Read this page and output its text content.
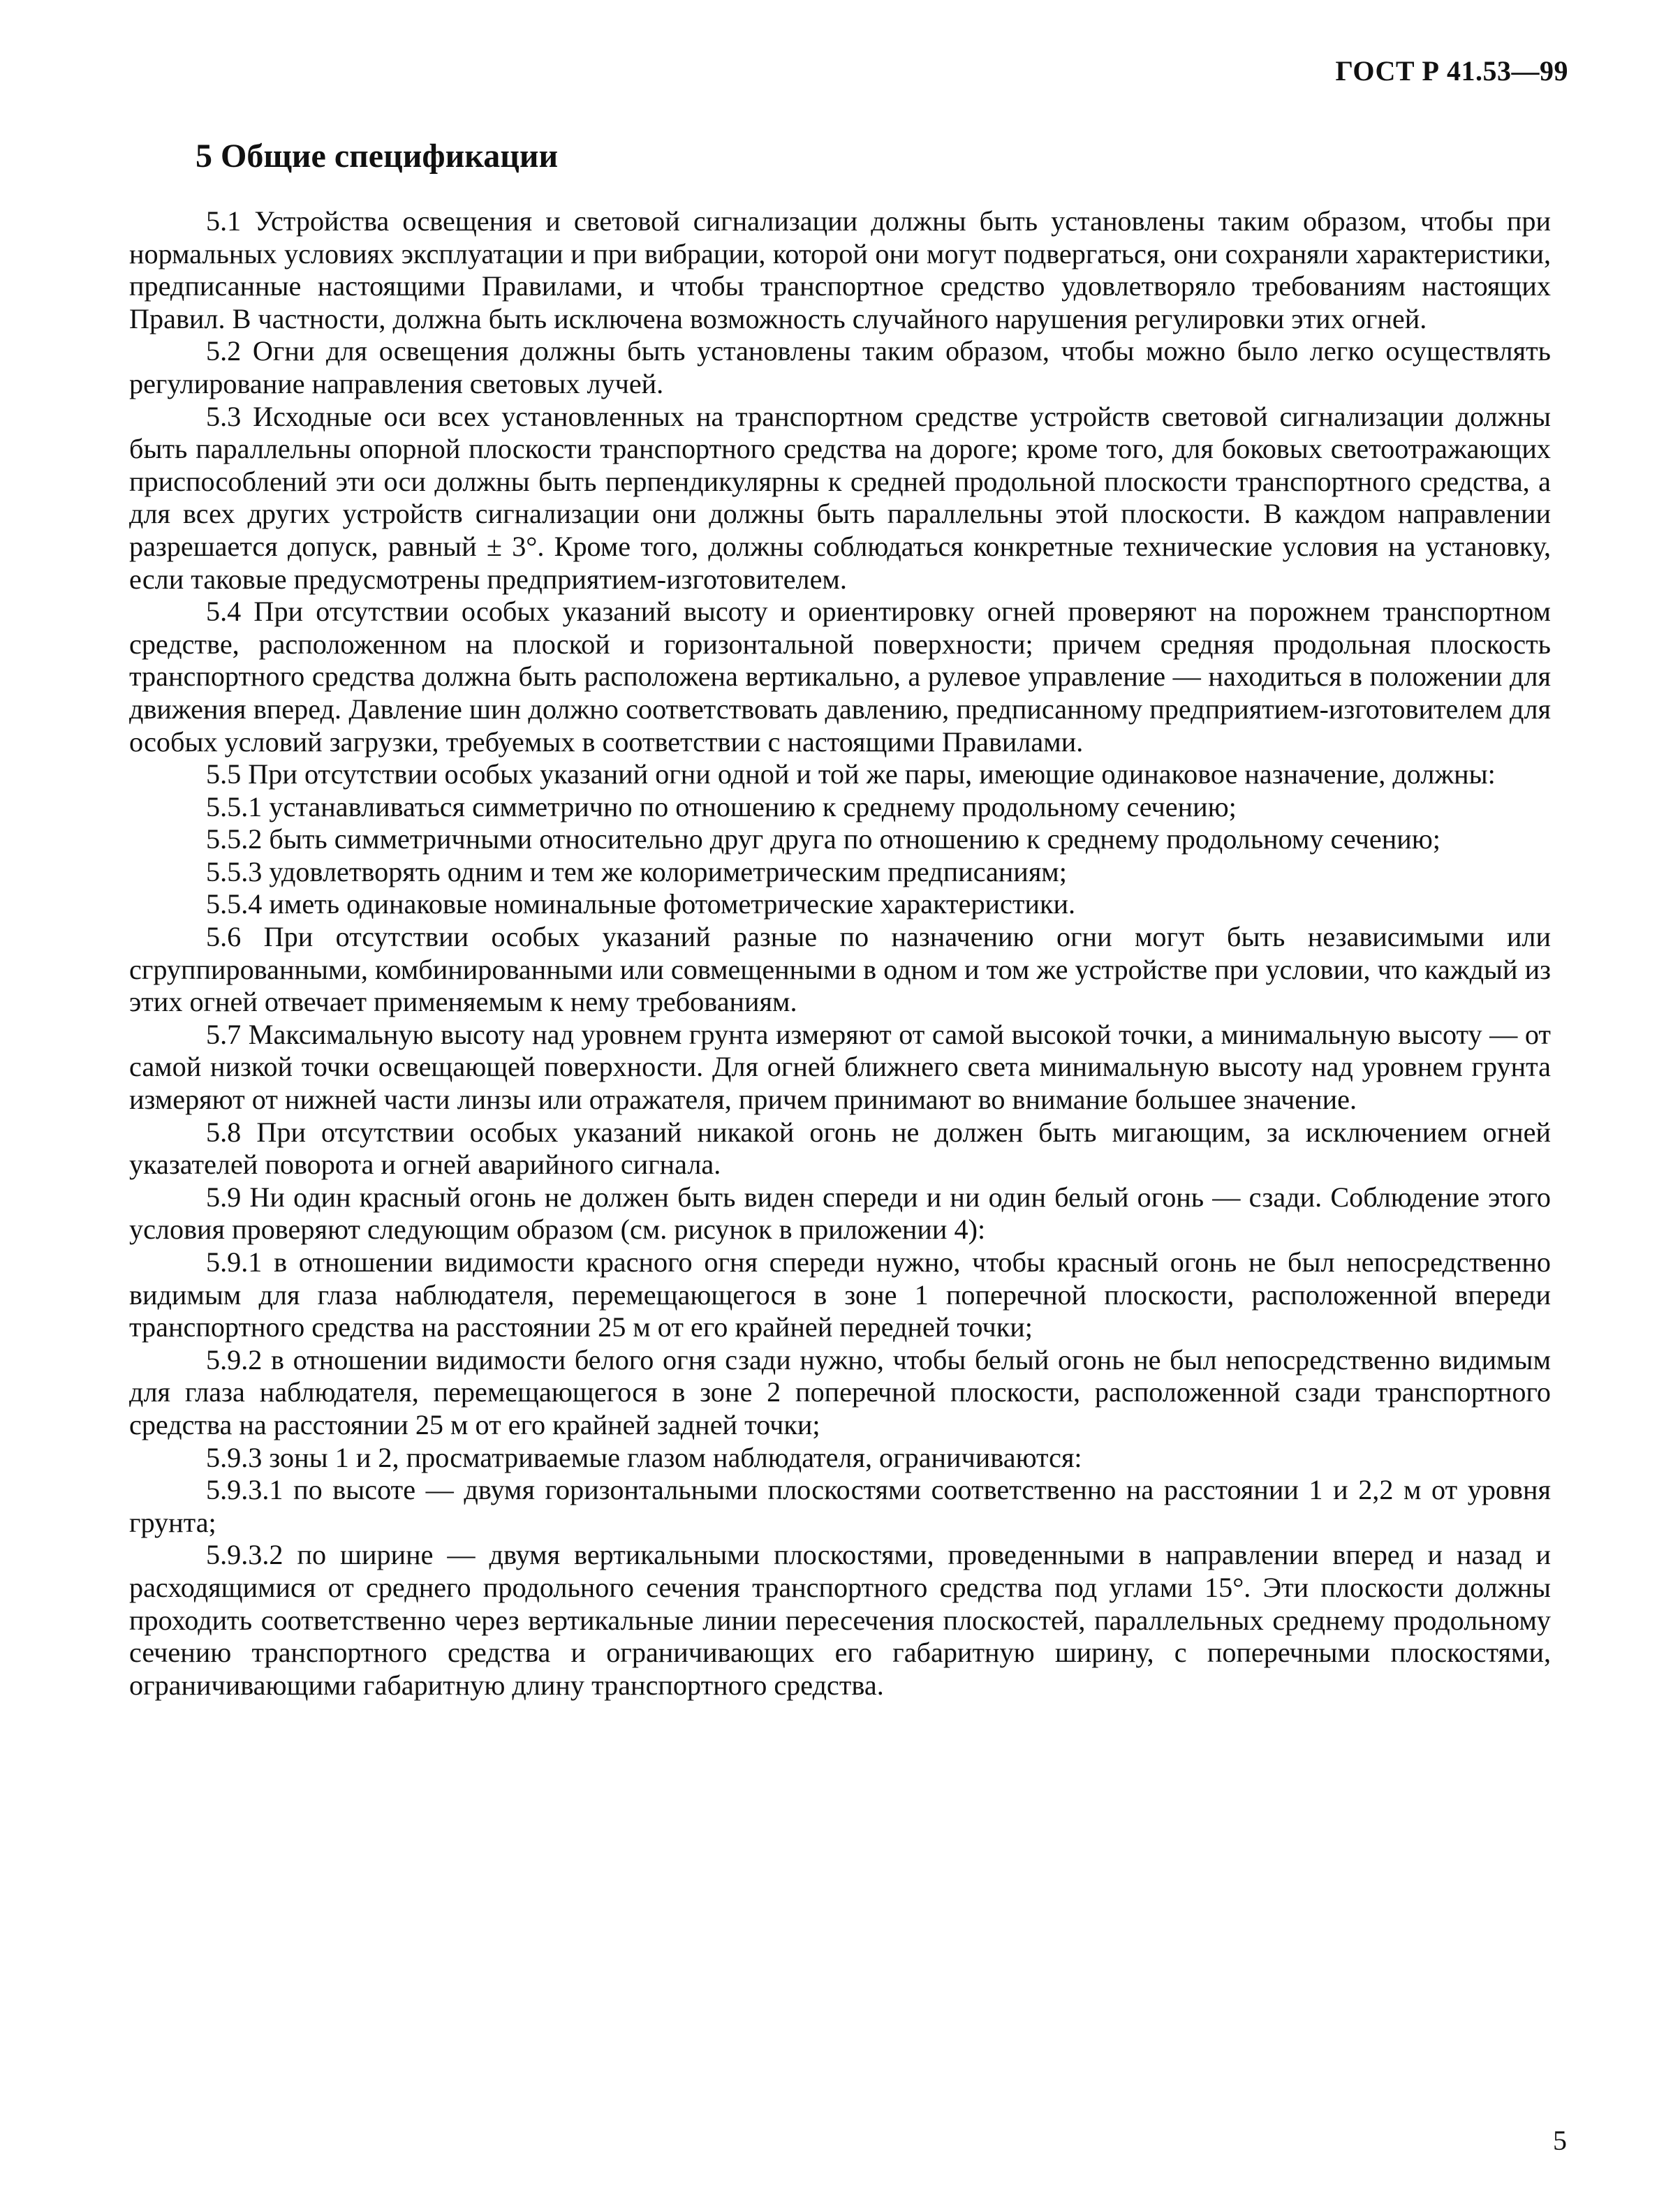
ГОСТ Р 41.53—99
5 Общие спецификации

5.1 Устройства освещения и световой сигнализации должны быть установлены таким образом, чтобы при нормальных условиях эксплуатации и при вибрации, которой они могут подвергаться, они сохраняли характеристики, предписанные настоящими Правилами, и чтобы транспортное средство удовлетворяло требованиям настоящих Правил. В частности, должна быть исключена возможность случайного нарушения регулировки этих огней.

5.2 Огни для освещения должны быть установлены таким образом, чтобы можно было легко осуществлять регулирование направления световых лучей.

5.3 Исходные оси всех установленных на транспортном средстве устройств световой сигнализации должны быть параллельны опорной плоскости транспортного средства на дороге; кроме того, для боковых светоотражающих приспособлений эти оси должны быть перпендикулярны к средней продольной плоскости транспортного средства, а для всех других устройств сигнализации они должны быть параллельны этой плоскости. В каждом направлении разрешается допуск, равный ± 3°. Кроме того, должны соблюдаться конкретные технические условия на установку, если таковые предусмотрены предприятием-изготовителем.

5.4 При отсутствии особых указаний высоту и ориентировку огней проверяют на порожнем транспортном средстве, расположенном на плоской и горизонтальной поверхности; причем средняя продольная плоскость транспортного средства должна быть расположена вертикально, а рулевое управление — находиться в положении для движения вперед. Давление шин должно соответствовать давлению, предписанному предприятием-изготовителем для особых условий загрузки, требуемых в соответствии с настоящими Правилами.

5.5 При отсутствии особых указаний огни одной и той же пары, имеющие одинаковое назначение, должны:

5.5.1 устанавливаться симметрично по отношению к среднему продольному сечению;

5.5.2 быть симметричными относительно друг друга по отношению к среднему продольному сечению;

5.5.3 удовлетворять одним и тем же колориметрическим предписаниям;

5.5.4 иметь одинаковые номинальные фотометрические характеристики.

5.6 При отсутствии особых указаний разные по назначению огни могут быть независимыми или сгруппированными, комбинированными или совмещенными в одном и том же устройстве при условии, что каждый из этих огней отвечает применяемым к нему требованиям.

5.7 Максимальную высоту над уровнем грунта измеряют от самой высокой точки, а минимальную высоту — от самой низкой точки освещающей поверхности. Для огней ближнего света минимальную высоту над уровнем грунта измеряют от нижней части линзы или отражателя, причем принимают во внимание большее значение.

5.8 При отсутствии особых указаний никакой огонь не должен быть мигающим, за исключением огней указателей поворота и огней аварийного сигнала.

5.9 Ни один красный огонь не должен быть виден спереди и ни один белый огонь — сзади. Соблюдение этого условия проверяют следующим образом (см. рисунок в приложении 4):

5.9.1 в отношении видимости красного огня спереди нужно, чтобы красный огонь не был непосредственно видимым для глаза наблюдателя, перемещающегося в зоне 1 поперечной плоскости, расположенной впереди транспортного средства на расстоянии 25 м от его крайней передней точки;

5.9.2 в отношении видимости белого огня сзади нужно, чтобы белый огонь не был непосредственно видимым для глаза наблюдателя, перемещающегося в зоне 2 поперечной плоскости, расположенной сзади транспортного средства на расстоянии 25 м от его крайней задней точки;

5.9.3 зоны 1 и 2, просматриваемые глазом наблюдателя, ограничиваются:

5.9.3.1 по высоте — двумя горизонтальными плоскостями соответственно на расстоянии 1 и 2,2 м от уровня грунта;

5.9.3.2 по ширине — двумя вертикальными плоскостями, проведенными в направлении вперед и назад и расходящимися от среднего продольного сечения транспортного средства под углами 15°. Эти плоскости должны проходить соответственно через вертикальные линии пересечения плоскостей, параллельных среднему продольному сечению транспортного средства и ограничивающих его габаритную ширину, с поперечными плоскостями, ограничивающими габаритную длину транспортного средства.

5
